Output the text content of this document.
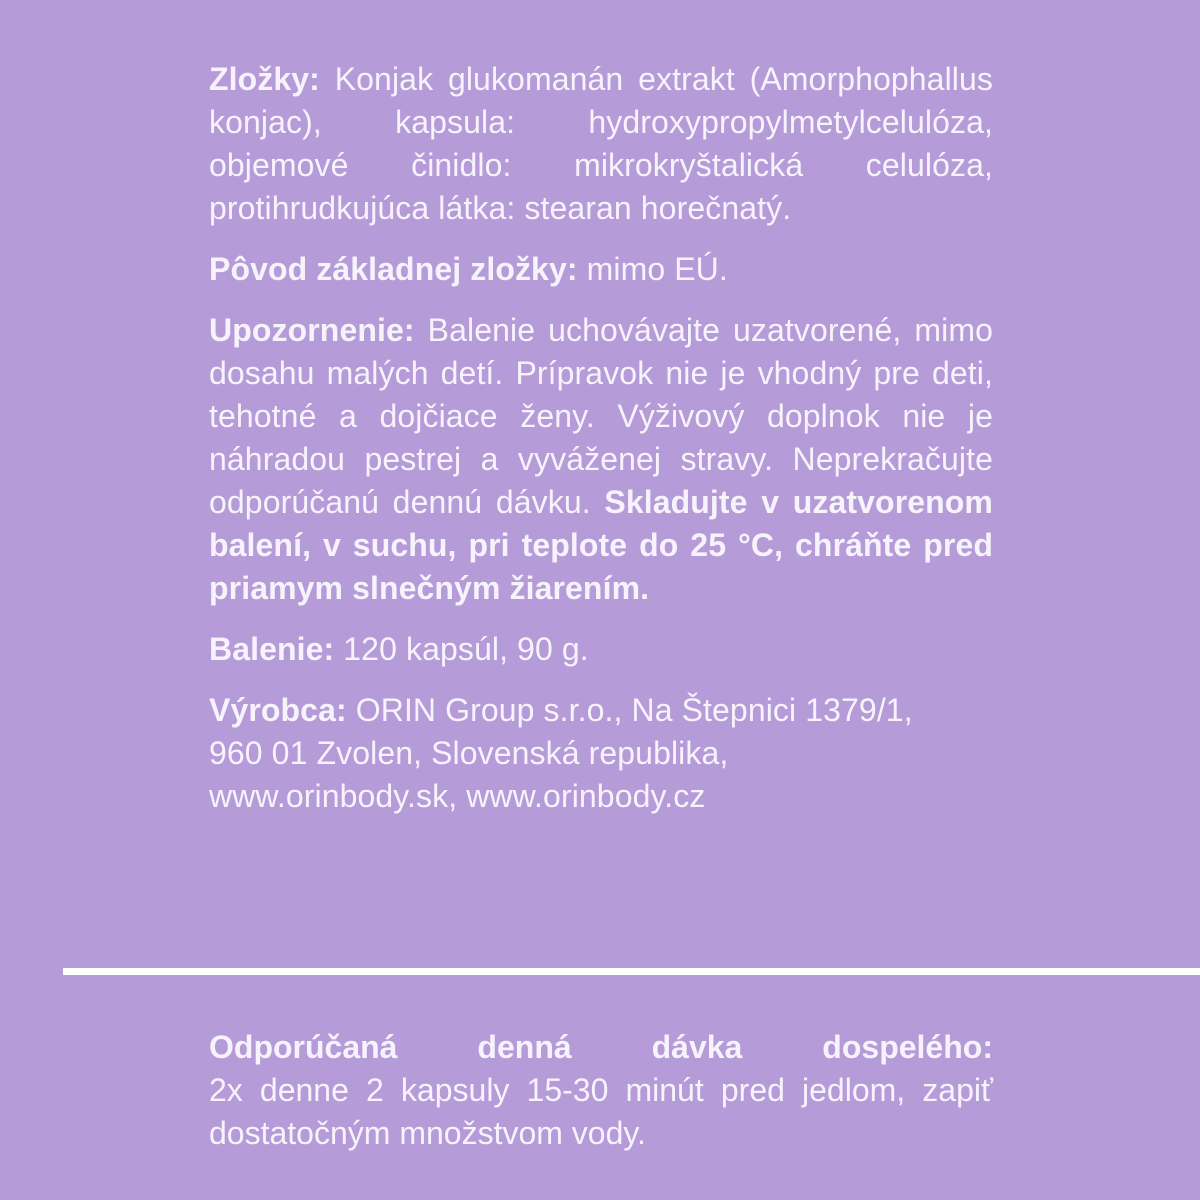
Zložky: Konjak glukomanán extrakt (Amorphophallus konjac), kapsula: hydroxypropylmetylcelulóza, objemové činidlo: mikrokryštalická celulóza, protihrudkujúca látka: stearan horečnatý.

Pôvod základnej zložky: mimo EÚ.

Upozornenie: Balenie uchovávajte uzatvorené, mimo dosahu malých detí. Prípravok nie je vhodný pre deti, tehotné a dojčiace ženy. Výživový doplnok nie je náhradou pestrej a vyváženej stravy. Neprekračujte odporúčanú dennú dávku. Skladujte v uzatvorenom balení, v suchu, pri teplote do 25 °C, chráňte pred priamym slnečným žiarením.

Balenie: 120 kapsúl, 90 g.

Výrobca: ORIN Group s.r.o., Na Štepnici 1379/1,
960 01 Zvolen, Slovenská republika,
www.orinbody.sk, www.orinbody.cz

Odporúčaná denná dávka dospelého:
2x denne 2 kapsuly 15-30 minút pred jedlom, zapiť dostatočným množstvom vody.
